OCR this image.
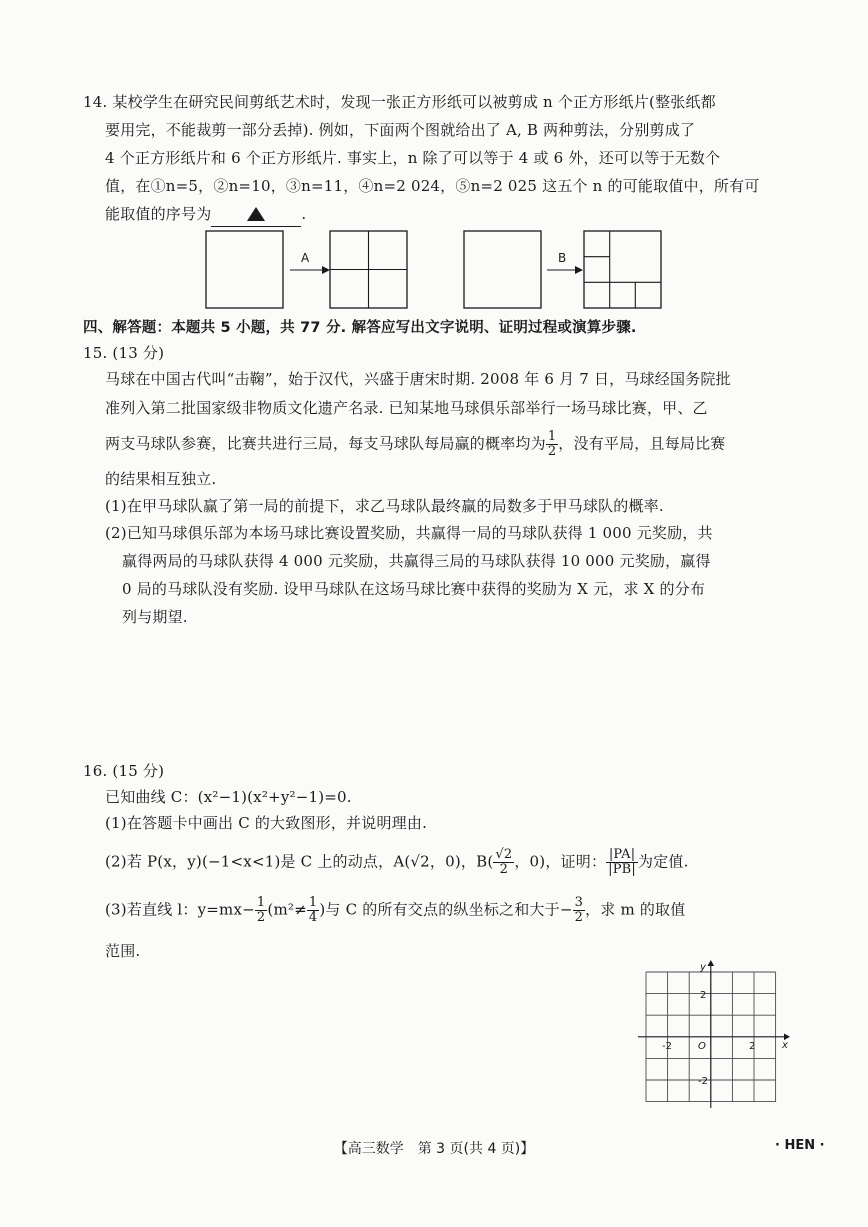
14. 某校学生在研究民间剪纸艺术时，发现一张正方形纸可以被剪成 n 个正方形纸片(整张纸都
要用完，不能裁剪一部分丢掉). 例如，下面两个图就给出了 A, B 两种剪法，分别剪成了
4 个正方形纸片和 6 个正方形纸片. 事实上，n 除了可以等于 4 或 6 外，还可以等于无数个
值，在①n=5，②n=10，③n=11，④n=2 024，⑤n=2 025 这五个 n 的可能取值中，所有可
能取值的序号为	.
A	B
四、解答题：本题共 5 小题，共 77 分. 解答应写出文字说明、证明过程或演算步骤.
15. (13 分)
马球在中国古代叫“击鞠”，始于汉代，兴盛于唐宋时期. 2008 年 6 月 7 日，马球经国务院批
准列入第二批国家级非物质文化遗产名录. 已知某地马球俱乐部举行一场马球比赛，甲、乙
两支马球队参赛，比赛共进行三局，每支马球队每局赢的概率均为 $\frac{1}{2}$ ，没有平局，且每局比赛
的结果相互独立.
(1)在甲马球队赢了第一局的前提下，求乙马球队最终赢的局数多于甲马球队的概率.
(2)已知马球俱乐部为本场马球比赛设置奖励，共赢得一局的马球队获得 1 000 元奖励，共
赢得两局的马球队获得 4 000 元奖励，共赢得三局的马球队获得 10 000 元奖励，赢得
0 局的马球队没有奖励. 设甲马球队在这场马球比赛中获得的奖励为 X 元，求 X 的分布
列与期望.
16. (15 分)
已知曲线 C：(x²−1)(x²+y²−1)=0.
(1)在答题卡中画出 C 的大致图形，并说明理由.
(2)若 P(x，y)(−1<x<1)是 C 上的动点，A(√2，0)，$B( \frac{√2}{2}$ ，0)，证明： $\frac{|PA|}{|PB|}$ 为定值.
(3)若直线 l：$y=mx- \frac{1}{2} (m^2\ne \frac{1}{4}$ )与 C 的所有交点的纵坐标之和大于− $\frac{3}{2}$ ，求 m 的取值
范围.
y
x
O
2
-2
2
-2
【高三数学　第 3 页(共 4 页)】	· HEN ·
